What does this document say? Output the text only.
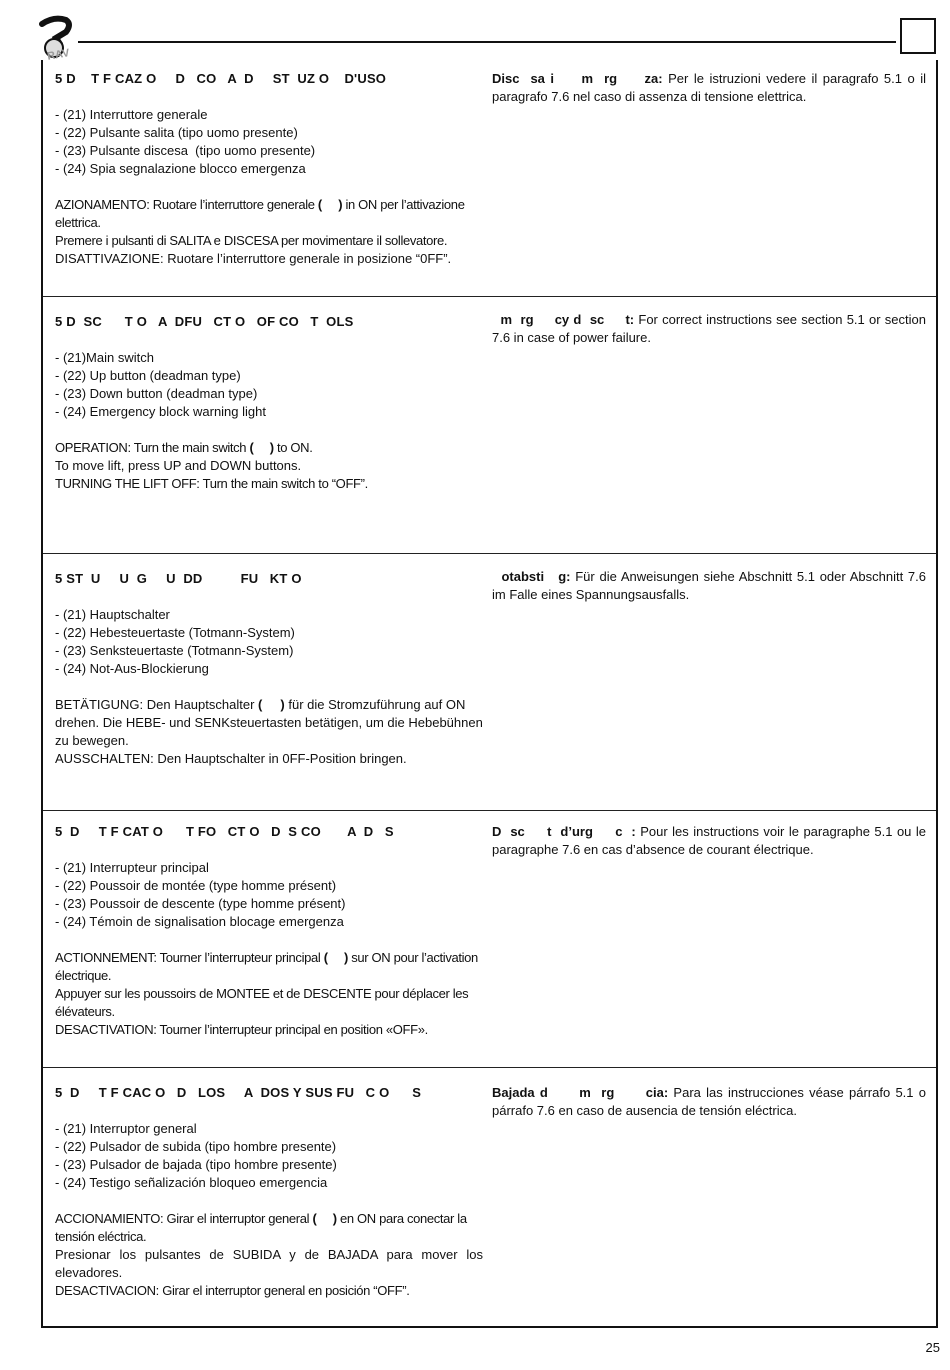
RAV
5 D    T F CAZ O     D   CO   A  D     ST  UZ O    D'USO
- (21) Interruttore generale
- (22) Pulsante salita (tipo uomo presente)
- (23) Pulsante discesa  (tipo uomo presente)
- (24) Spia segnalazione blocco emergenza

AZIONAMENTO: Ruotare l’interruttore generale (     ) in ON per l’attivazione elettrica.

Premere i pulsanti di SALITA e DISCESA per movimentare il sollevatore.

DISATTIVAZIONE: Ruotare l’interruttore generale in posizione “0FF”.

Disc  sa i     m  rg     za: Per le istruzioni vedere il paragrafo 5.1 o il paragrafo 7.6 nel caso di assenza di tensione elettrica.
5 D  SC      T O   A  DFU   CT O   OF CO   T  OLS
- (21)Main switch
- (22) Up button (deadman type)
- (23) Down button (deadman type)
- (24) Emergency block warning light

OPERATION: Turn the main switch (     ) to ON.

To move lift, press UP and DOWN buttons.

TURNING THE LIFT OFF: Turn the main switch to “OFF”.

m  rg     cy d  sc     t: For correct instructions see section 5.1 or section 7.6 in case of power failure.
5 ST  U     U  G     U  DD          FU   KT O
- (21) Hauptschalter
- (22) Hebesteuertaste (Totmann-System)
- (23) Senksteuertaste (Totmann-System)
- (24) Not-Aus-Blockierung

BETÄTIGUNG: Den Hauptschalter (     ) für die Stromzuführung auf ON drehen. Die HEBE- und SENKsteuertasten betätigen, um die Hebebühnen zu bewegen.

AUSSCHALTEN: Den Hauptschalter in 0FF-Position bringen.

otabsti   g: Für die Anweisungen siehe Abschnitt 5.1 oder Abschnitt 7.6 im Falle eines Spannungsausfalls.
5  D     T F CAT O      T FO   CT O   D  S CO       A  D   S
- (21) Interrupteur principal
- (22) Poussoir de montée (type homme présent)
- (23) Poussoir de descente (type homme présent)
- (24) Témoin de signalisation blocage emergenza

ACTIONNEMENT: Tourner l’interrupteur principal (     ) sur ON pour l’activation électrique.

Appuyer sur les poussoirs de MONTEE et de DESCENTE pour déplacer les élévateurs.

DESACTIVATION: Tourner l’interrupteur principal en position «OFF».

D  sc     t  d’urg     c  : Pour les instructions voir le paragraphe 5.1 ou le paragraphe 7.6 en cas d’absence de courant électrique.
5  D     T F CAC O   D   LOS     A  DOS Y SUS FU   C O      S
- (21) Interruptor general
- (22) Pulsador de subida (tipo hombre presente)
- (23) Pulsador de bajada (tipo hombre presente)
- (24) Testigo señalización bloqueo emergencia

ACCIONAMIENTO: Girar el interruptor general (     ) en ON para conectar la tensión eléctrica.

Presionar los pulsantes de SUBIDA y de BAJADA para mover los elevadores.

DESACTIVACION: Girar el interruptor general en posición “OFF”.

Bajada d      m  rg      cia: Para las instrucciones véase párrafo 5.1 o párrafo 7.6 en caso de ausencia de tensión eléctrica.
25
